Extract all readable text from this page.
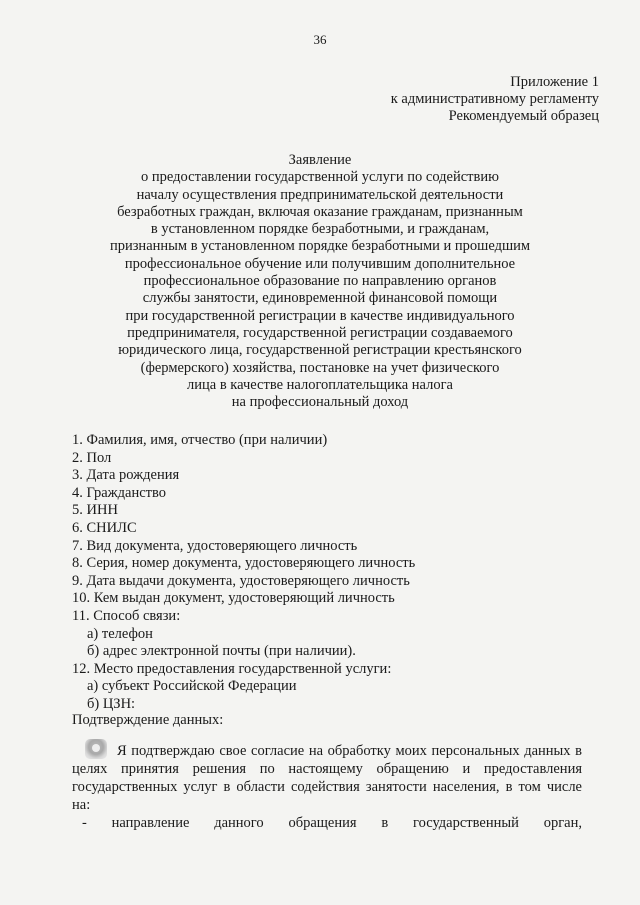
36
Приложение 1
к административному регламенту
Рекомендуемый образец
Заявление
о предоставлении государственной услуги по содействию
началу осуществления предпринимательской деятельности
безработных граждан, включая оказание гражданам, признанным
в установленном порядке безработными, и гражданам,
признанным в установленном порядке безработными и прошедшим
профессиональное обучение или получившим дополнительное
профессиональное образование по направлению органов
службы занятости, единовременной финансовой помощи
при государственной регистрации в качестве индивидуального
предпринимателя, государственной регистрации создаваемого
юридического лица, государственной регистрации крестьянского
(фермерского) хозяйства, постановке на учет физического
лица в качестве налогоплательщика налога
на профессиональный доход
1. Фамилия, имя, отчество (при наличии)
2. Пол
3. Дата рождения
4. Гражданство
5. ИНН
6. СНИЛС
7. Вид документа, удостоверяющего личность
8. Серия, номер документа, удостоверяющего личность
9. Дата выдачи документа, удостоверяющего личность
10. Кем выдан документ, удостоверяющий личность
11. Способ связи:
а) телефон
б) адрес электронной почты (при наличии).
12. Место предоставления государственной услуги:
а) субъект Российской Федерации
б) ЦЗН:
Подтверждение данных:
Я подтверждаю свое согласие на обработку моих персональных данных в целях принятия решения по настоящему обращению и предоставления государственных услуг в области содействия занятости населения, в том числе на:
- направление данного обращения в государственный орган,
